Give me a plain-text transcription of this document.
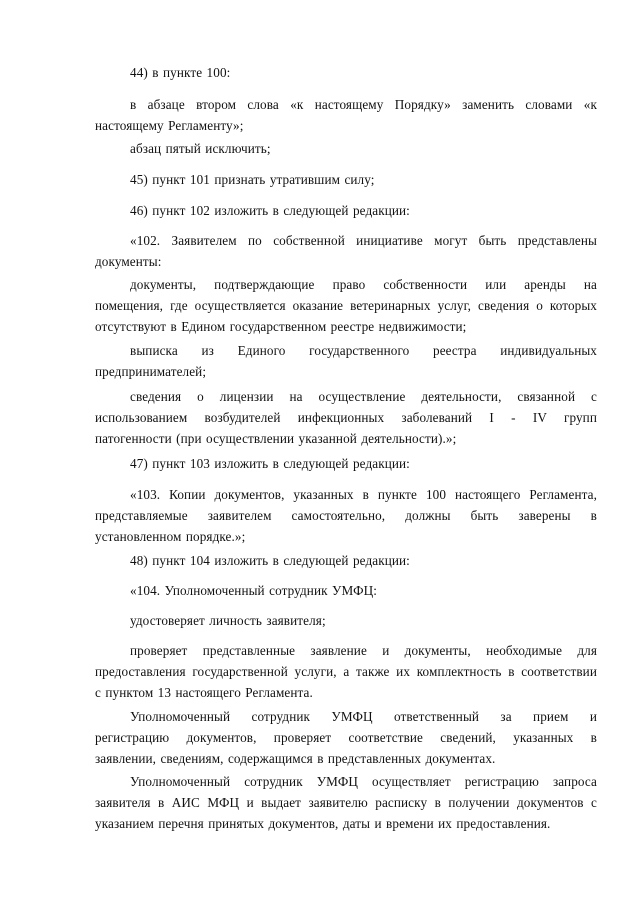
44) в пункте 100:

в абзаце втором слова «к настоящему Порядку» заменить словами «к
настоящему Регламенту»;

абзац пятый исключить;

45) пункт 101 признать утратившим силу;

46) пункт 102 изложить в следующей редакции:

«102. Заявителем по собственной инициативе могут быть представлены
документы:

документы, подтверждающие право собственности или аренды на
помещения, где осуществляется оказание ветеринарных услуг, сведения о которых
отсутствуют в Едином государственном реестре недвижимости;

выписка из Единого государственного реестра индивидуальных
предпринимателей;

сведения о лицензии на осуществление деятельности, связанной с
использованием возбудителей инфекционных заболеваний I - IV групп
патогенности (при осуществлении указанной деятельности).»;

47) пункт 103 изложить в следующей редакции:

«103. Копии документов, указанных в пункте 100 настоящего Регламента,
представляемые заявителем самостоятельно, должны быть заверены в
установленном порядке.»;

48) пункт 104 изложить в следующей редакции:

«104. Уполномоченный сотрудник УМФЦ:

удостоверяет личность заявителя;

проверяет представленные заявление и документы, необходимые для
предоставления государственной услуги, а также их комплектность в соответствии
с пунктом 13 настоящего Регламента.

Уполномоченный сотрудник УМФЦ ответственный за прием и
регистрацию документов, проверяет соответствие сведений, указанных в
заявлении, сведениям, содержащимся в представленных документах.

Уполномоченный сотрудник УМФЦ осуществляет регистрацию запроса
заявителя в АИС МФЦ и выдает заявителю расписку в получении документов с
указанием перечня принятых документов, даты и времени их предоставления.
